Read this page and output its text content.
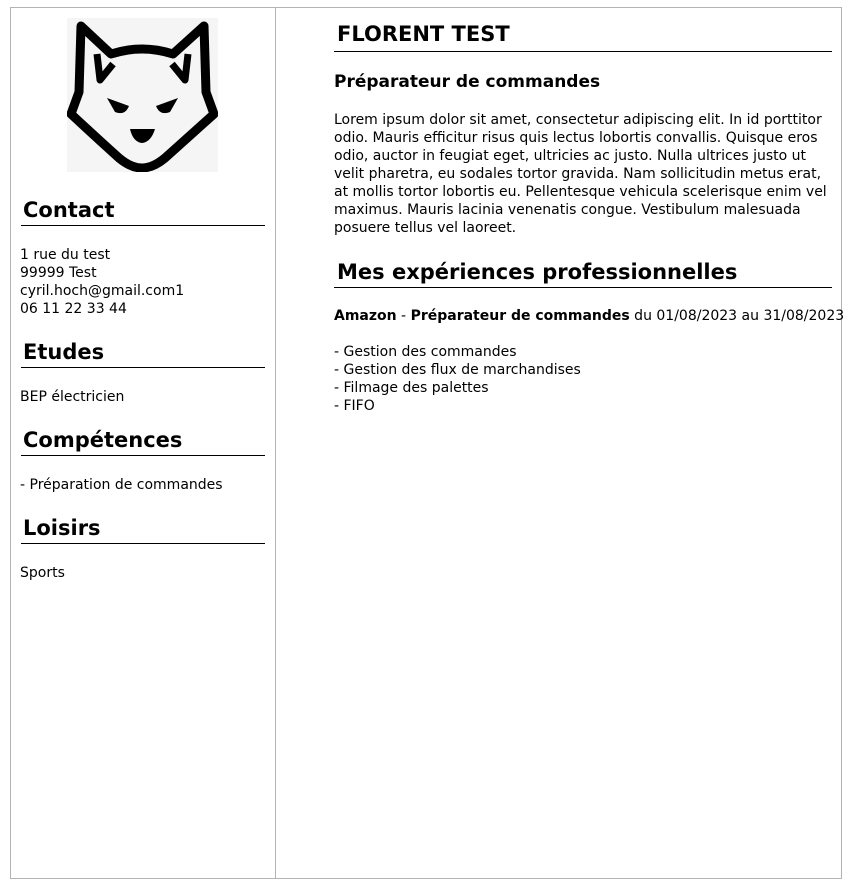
Contact
1 rue du test
99999 Test
cyril.hoch@gmail.com1
06 11 22 33 44
Etudes
BEP électricien
Compétences
- Préparation de commandes
Loisirs
Sports
FLORENT TEST
Préparateur de commandes
Lorem ipsum dolor sit amet, consectetur adipiscing elit. In id porttitor odio. Mauris efficitur risus quis lectus lobortis convallis. Quisque eros odio, auctor in feugiat eget, ultricies ac justo. Nulla ultrices justo ut velit pharetra, eu sodales tortor gravida. Nam sollicitudin metus erat, at mollis tortor lobortis eu. Pellentesque vehicula scelerisque enim vel maximus. Mauris lacinia venenatis congue. Vestibulum malesuada posuere tellus vel laoreet.
Mes expériences professionnelles
Amazon - Préparateur de commandes du 01/08/2023 au 31/08/2023
- Gestion des commandes
- Gestion des flux de marchandises
- Filmage des palettes
- FIFO
